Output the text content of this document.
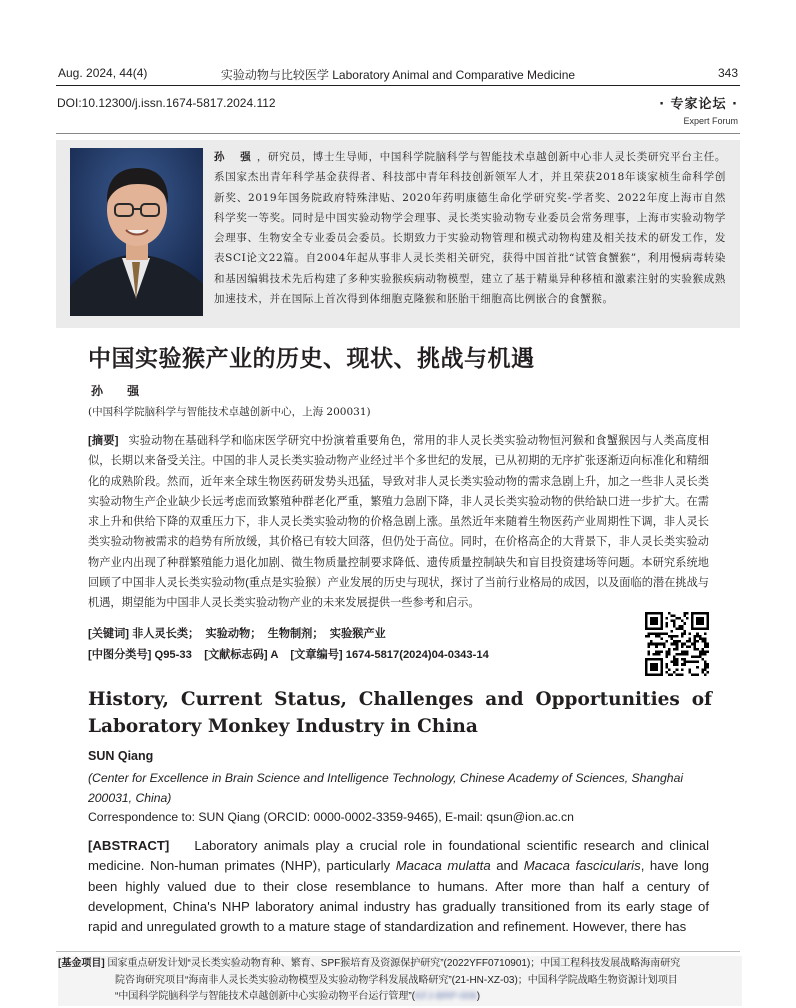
Aug. 2024, 44(4)	实验动物与比较医学 Laboratory Animal and Comparative Medicine	343
DOI:10.12300/j.issn.1674-5817.2024.112	· 专家论坛 ·
Expert Forum
孙 强，研究员，博士生导师，中国科学院脑科学与智能技术卓越创新中心非人灵长类研究平台主任。系国家杰出青年科学基金获得者、科技部中青年科技创新领军人才，并且荣获2018年谈家桢生命科学创新奖、2019年国务院政府特殊津贴、2020年药明康德生命化学研究奖-学者奖、2022年度上海市自然科学奖一等奖。同时是中国实验动物学会理事、灵长类实验动物专业委员会常务理事，上海市实验动物学会理事、生物安全专业委员会委员。长期致力于实验动物管理和模式动物构建及相关技术的研发工作，发表SCI论文22篇。自2004年起从事非人灵长类相关研究，获得中国首批“试管食蟹猴”，利用慢病毒转染和基因编辑技术先后构建了多种实验猴疾病动物模型，建立了基于精巢异种移植和激素注射的实验猴成熟加速技术，并在国际上首次得到体细胞克隆猴和胚胎干细胞高比例嵌合的食蟹猴。
中国实验猴产业的历史、现状、挑战与机遇
孙 强
(中国科学院脑科学与智能技术卓越创新中心，上海 200031)
[摘要] 实验动物在基础科学和临床医学研究中扮演着重要角色，常用的非人灵长类实验动物恒河猴和食蟹猴因与人类高度相似，长期以来备受关注。中国的非人灵长类实验动物产业经过半个多世纪的发展，已从初期的无序扩张逐渐迈向标准化和精细化的成熟阶段。然而，近年来全球生物医药研发势头迅猛，导致对非人灵长类实验动物的需求急剧上升，加之一些非人灵长类实验动物生产企业缺少长远考虑而致繁殖种群老化严重，繁殖力急剧下降，非人灵长类实验动物的供给缺口进一步扩大。在需求上升和供给下降的双重压力下，非人灵长类实验动物的价格急剧上涨。虽然近年来随着生物医药产业周期性下调，非人灵长类实验动物被需求的趋势有所放缓，其价格已有较大回落，但仍处于高位。同时，在价格高企的大背景下，非人灵长类实验动物产业内出现了种群繁殖能力退化加剧、微生物质量控制要求降低、遗传质量控制缺失和盲目投资建场等问题。本研究系统地回顾了中国非人灵长类实验动物(重点是实验猴）产业发展的历史与现状，探讨了当前行业格局的成因，以及面临的潜在挑战与机遇，期望能为中国非人灵长类实验动物产业的未来发展提供一些参考和启示。
[关键词] 非人灵长类；  实验动物；  生物制剂；  实验猴产业
[中图分类号] Q95-33    [文献标志码] A    [文章编号] 1674-5817(2024)04-0343-14
History, Current Status, Challenges and Opportunities of Laboratory Monkey Industry in China
SUN Qiang
(Center for Excellence in Brain Science and Intelligence Technology, Chinese Academy of Sciences, Shanghai 200031, China)
Correspondence to: SUN Qiang (ORCID: 0000-0002-3359-9465), E-mail: qsun@ion.ac.cn
[ABSTRACT] Laboratory animals play a crucial role in foundational scientific research and clinical medicine. Non-human primates (NHP), particularly Macaca mulatta and Macaca fascicularis, have long been highly valued due to their close resemblance to humans. After more than half a century of development, China's NHP laboratory animal industry has gradually transitioned from its early stage of rapid and unregulated growth to a mature stage of standardization and refinement. However, there has
[基金项目] 国家重点研发计划“灵长类实验动物育种、繁育、SPF猴培育及资源保护研究”(2022YFF0710901)；中国工程科技发展战略海南研究
院咨询研究项目“海南非人灵长类实验动物模型及实验动物学科发展战略研究”(21-HN-XZ-03)；中国科学院战略生物资源计划项目
“中国科学院脑科学与智能技术卓越创新中心实验动物平台运行管理”(KFJ-BRP-008)
